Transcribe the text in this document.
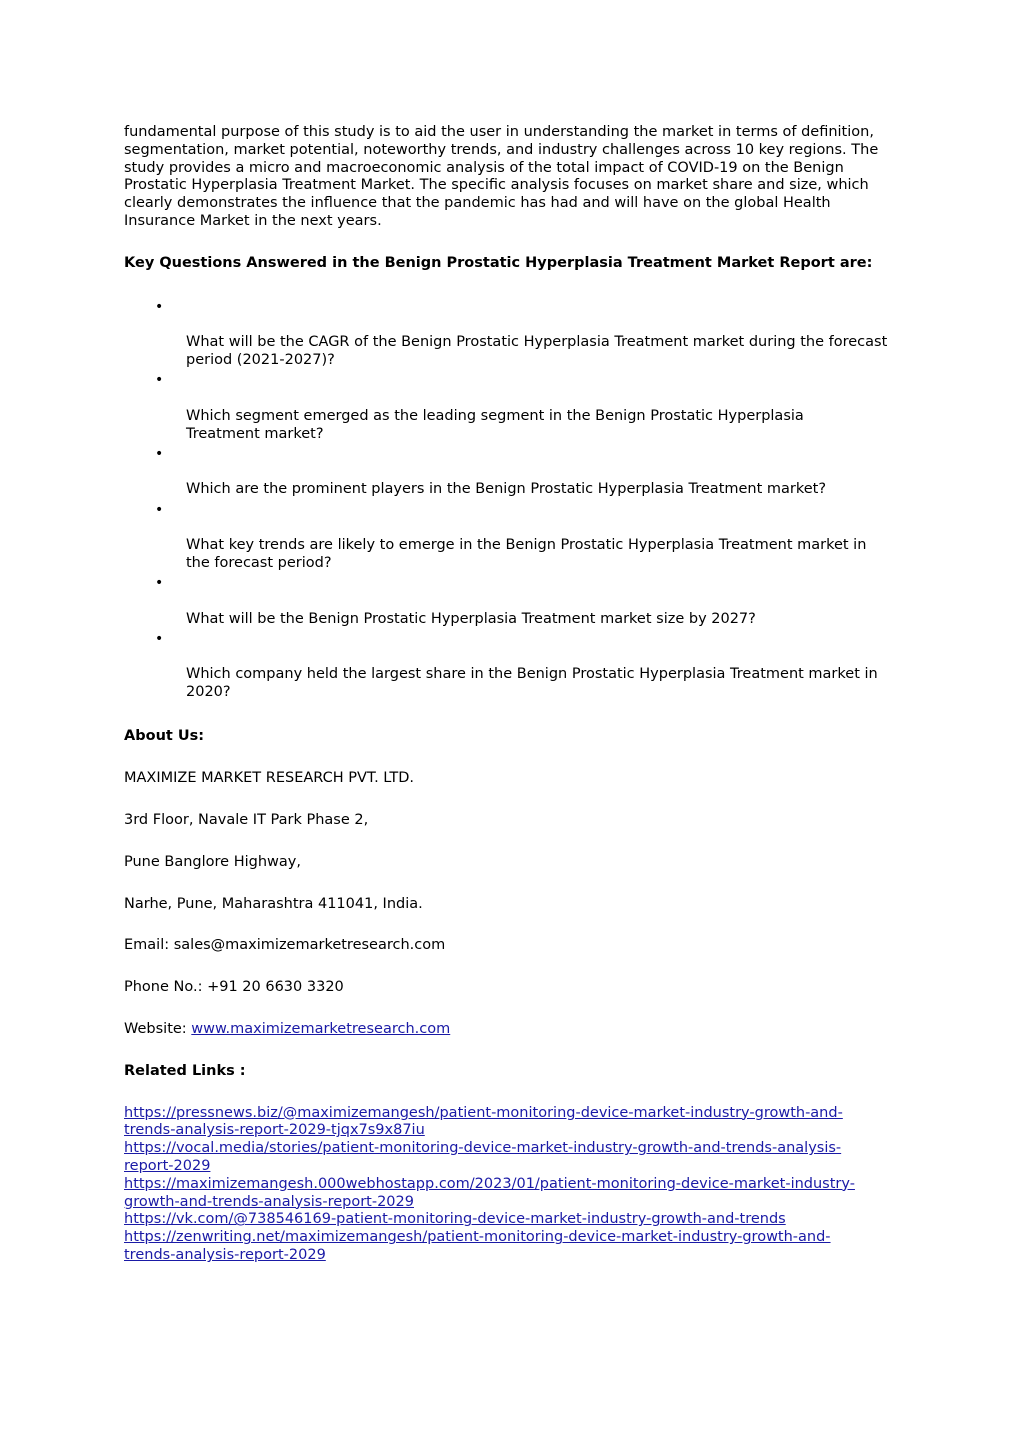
fundamental purpose of this study is to aid the user in understanding the market in terms of definition,
segmentation, market potential, noteworthy trends, and industry challenges across 10 key regions. The
study provides a micro and macroeconomic analysis of the total impact of COVID-19 on the Benign
Prostatic Hyperplasia Treatment Market. The specific analysis focuses on market share and size, which
clearly demonstrates the influence that the pandemic has had and will have on the global Health
Insurance Market in the next years.

Key Questions Answered in the Benign Prostatic Hyperplasia Treatment Market Report are:

•

What will be the CAGR of the Benign Prostatic Hyperplasia Treatment market during the forecast
period (2021-2027)?

•

Which segment emerged as the leading segment in the Benign Prostatic Hyperplasia
Treatment market?

•

Which are the prominent players in the Benign Prostatic Hyperplasia Treatment market?

•

What key trends are likely to emerge in the Benign Prostatic Hyperplasia Treatment market in
the forecast period?

•

What will be the Benign Prostatic Hyperplasia Treatment market size by 2027?

•

Which company held the largest share in the Benign Prostatic Hyperplasia Treatment market in
2020?

About Us:

MAXIMIZE MARKET RESEARCH PVT. LTD.

3rd Floor, Navale IT Park Phase 2,

Pune Banglore Highway,

Narhe, Pune, Maharashtra 411041, India.

Email: sales@maximizemarketresearch.com

Phone No.: +91 20 6630 3320

Website: www.maximizemarketresearch.com

Related Links :

https://pressnews.biz/@maximizemangesh/patient-monitoring-device-market-industry-growth-and-
trends-analysis-report-2029-tjqx7s9x87iu
https://vocal.media/stories/patient-monitoring-device-market-industry-growth-and-trends-analysis-
report-2029
https://maximizemangesh.000webhostapp.com/2023/01/patient-monitoring-device-market-industry-
growth-and-trends-analysis-report-2029
https://vk.com/@738546169-patient-monitoring-device-market-industry-growth-and-trends
https://zenwriting.net/maximizemangesh/patient-monitoring-device-market-industry-growth-and-
trends-analysis-report-2029
